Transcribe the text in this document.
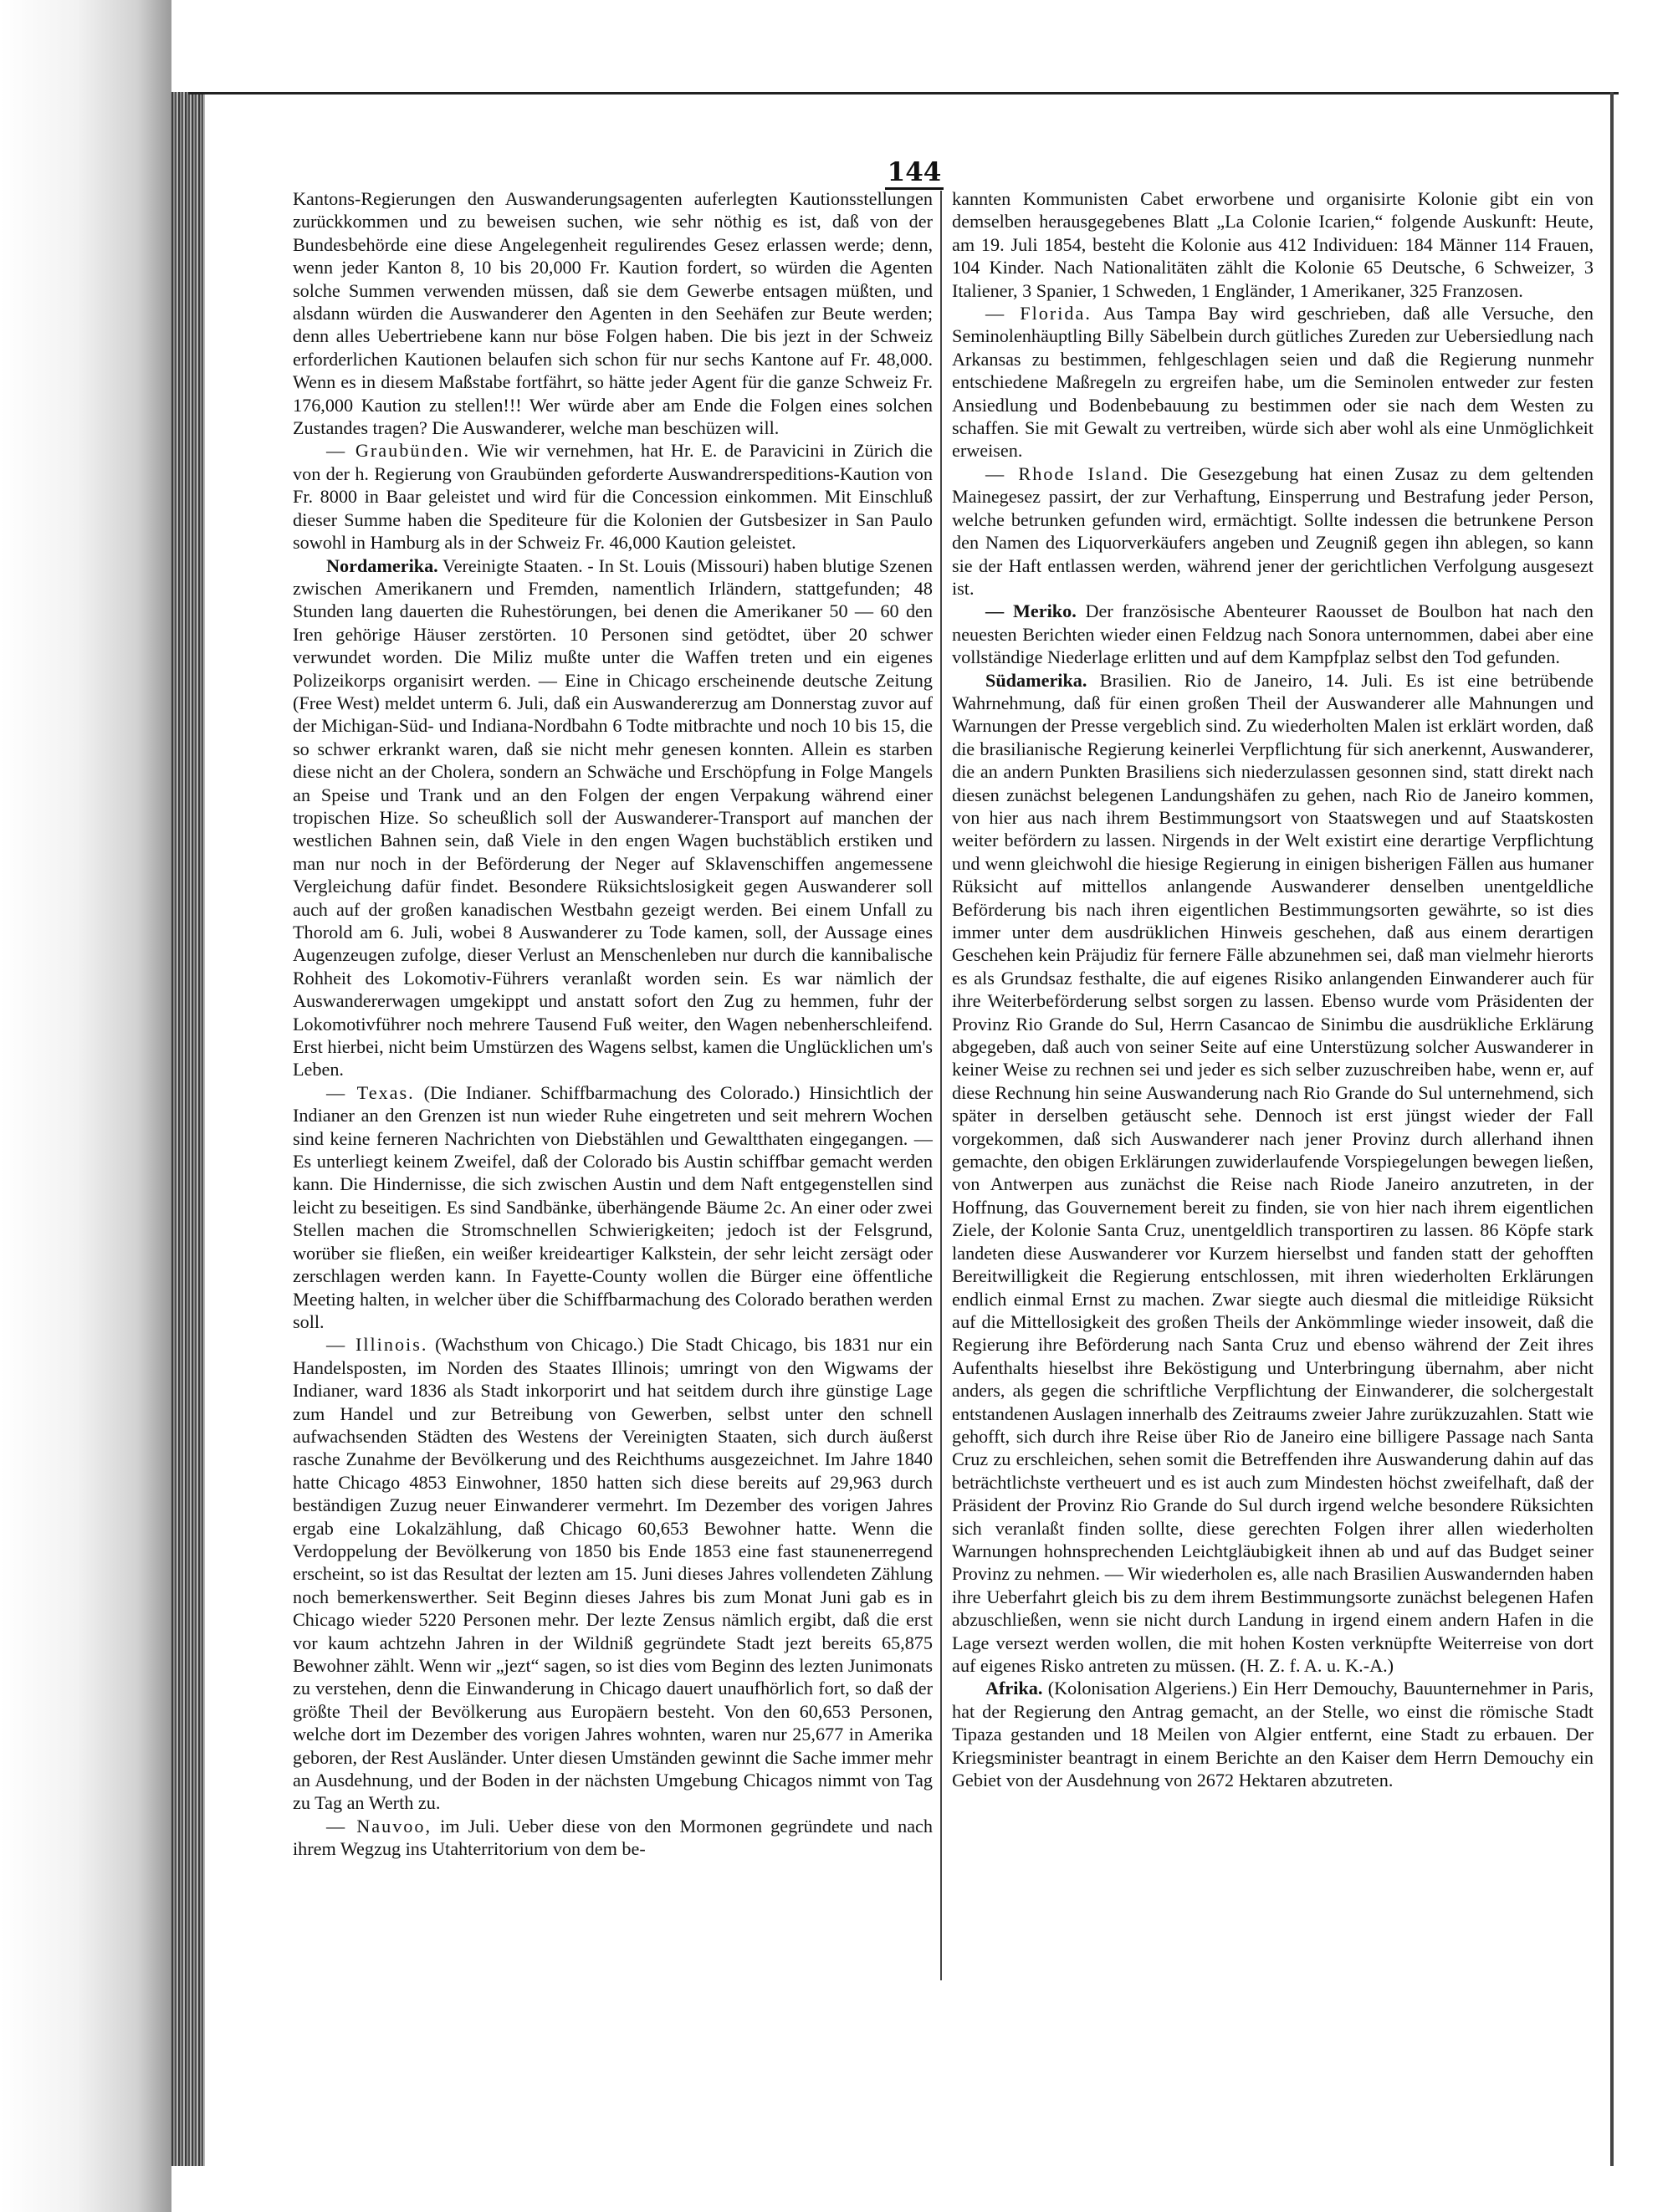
144

Kantons-Regierungen den Auswanderungsagenten auferlegten Kautionsstellungen zurückkommen und zu beweisen suchen, wie sehr nöthig es ist, daß von der Bundesbehörde eine diese Angelegenheit regulirendes Gesez erlassen werde; denn, wenn jeder Kanton 8, 10 bis 20,000 Fr. Kaution fordert, so würden die Agenten solche Summen verwenden müssen, daß sie dem Gewerbe entsagen müßten, und alsdann würden die Auswanderer den Agenten in den Seehäfen zur Beute werden; denn alles Uebertriebene kann nur böse Folgen haben. Die bis jezt in der Schweiz erforderlichen Kautionen belaufen sich schon für nur sechs Kantone auf Fr. 48,000. Wenn es in diesem Maßstabe fortfährt, so hätte jeder Agent für die ganze Schweiz Fr. 176,000 Kaution zu stellen!!! Wer würde aber am Ende die Folgen eines solchen Zustandes tragen? Die Auswanderer, welche man beschüzen will.

— Graubünden. Wie wir vernehmen, hat Hr. E. de Paravicini in Zürich die von der h. Regierung von Graubünden geforderte Auswandrerspeditions-Kaution von Fr. 8000 in Baar geleistet und wird für die Concession einkommen. Mit Einschluß dieser Summe haben die Spediteure für die Kolonien der Gutsbesizer in San Paulo sowohl in Hamburg als in der Schweiz Fr. 46,000 Kaution geleistet.

Nordamerika. Vereinigte Staaten. - In St. Louis (Missouri) haben blutige Szenen zwischen Amerikanern und Fremden, namentlich Irländern, stattgefunden; 48 Stunden lang dauerten die Ruhestörungen, bei denen die Amerikaner 50 — 60 den Iren gehörige Häuser zerstörten. 10 Personen sind getödtet, über 20 schwer verwundet worden. Die Miliz mußte unter die Waffen treten und ein eigenes Polizeikorps organisirt werden. — Eine in Chicago erscheinende deutsche Zeitung (Free West) meldet unterm 6. Juli, daß ein Auswandererzug am Donnerstag zuvor auf der Michigan-Süd- und Indiana-Nordbahn 6 Todte mitbrachte und noch 10 bis 15, die so schwer erkrankt waren, daß sie nicht mehr genesen konnten. Allein es starben diese nicht an der Cholera, sondern an Schwäche und Erschöpfung in Folge Mangels an Speise und Trank und an den Folgen der engen Verpakung während einer tropischen Hize. So scheußlich soll der Auswanderer-Transport auf manchen der westlichen Bahnen sein, daß Viele in den engen Wagen buchstäblich erstiken und man nur noch in der Beförderung der Neger auf Sklavenschiffen angemessene Vergleichung dafür findet. Besondere Rüksichtslosigkeit gegen Auswanderer soll auch auf der großen kanadischen Westbahn gezeigt werden. Bei einem Unfall zu Thorold am 6. Juli, wobei 8 Auswanderer zu Tode kamen, soll, der Aussage eines Augenzeugen zufolge, dieser Verlust an Menschenleben nur durch die kannibalische Rohheit des Lokomotiv-Führers veranlaßt worden sein. Es war nämlich der Auswandererwagen umgekippt und anstatt sofort den Zug zu hemmen, fuhr der Lokomotivführer noch mehrere Tausend Fuß weiter, den Wagen nebenherschleifend. Erst hierbei, nicht beim Umstürzen des Wagens selbst, kamen die Unglücklichen um's Leben.

— Texas. (Die Indianer. Schiffbarmachung des Colorado.) Hinsichtlich der Indianer an den Grenzen ist nun wieder Ruhe eingetreten und seit mehrern Wochen sind keine ferneren Nachrichten von Diebstählen und Gewaltthaten eingegangen. — Es unterliegt keinem Zweifel, daß der Colorado bis Austin schiffbar gemacht werden kann. Die Hindernisse, die sich zwischen Austin und dem Naft entgegenstellen sind leicht zu beseitigen. Es sind Sandbänke, überhängende Bäume 2c. An einer oder zwei Stellen machen die Stromschnellen Schwierigkeiten; jedoch ist der Felsgrund, worüber sie fließen, ein weißer kreideartiger Kalkstein, der sehr leicht zersägt oder zerschlagen werden kann. In Fayette-County wollen die Bürger eine öffentliche Meeting halten, in welcher über die Schiffbarmachung des Colorado berathen werden soll.

— Illinois. (Wachsthum von Chicago.) Die Stadt Chicago, bis 1831 nur ein Handelsposten, im Norden des Staates Illinois; umringt von den Wigwams der Indianer, ward 1836 als Stadt inkorporirt und hat seitdem durch ihre günstige Lage zum Handel und zur Betreibung von Gewerben, selbst unter den schnell aufwachsenden Städten des Westens der Vereinigten Staaten, sich durch äußerst rasche Zunahme der Bevölkerung und des Reichthums ausgezeichnet. Im Jahre 1840 hatte Chicago 4853 Einwohner, 1850 hatten sich diese bereits auf 29,963 durch beständigen Zuzug neuer Einwanderer vermehrt. Im Dezember des vorigen Jahres ergab eine Lokalzählung, daß Chicago 60,653 Bewohner hatte. Wenn die Verdoppelung der Bevölkerung von 1850 bis Ende 1853 eine fast staunenerregend erscheint, so ist das Resultat der lezten am 15. Juni dieses Jahres vollendeten Zählung noch bemerkenswerther. Seit Beginn dieses Jahres bis zum Monat Juni gab es in Chicago wieder 5220 Personen mehr. Der lezte Zensus nämlich ergibt, daß die erst vor kaum achtzehn Jahren in der Wildniß gegründete Stadt jezt bereits 65,875 Bewohner zählt. Wenn wir „jezt“ sagen, so ist dies vom Beginn des lezten Junimonats zu verstehen, denn die Einwanderung in Chicago dauert unaufhörlich fort, so daß der größte Theil der Bevölkerung aus Europäern besteht. Von den 60,653 Personen, welche dort im Dezember des vorigen Jahres wohnten, waren nur 25,677 in Amerika geboren, der Rest Ausländer. Unter diesen Umständen gewinnt die Sache immer mehr an Ausdehnung, und der Boden in der nächsten Umgebung Chicagos nimmt von Tag zu Tag an Werth zu.

— Nauvoo, im Juli. Ueber diese von den Mormonen gegründete und nach ihrem Wegzug ins Utahterritorium von dem be-

kannten Kommunisten Cabet erworbene und organisirte Kolonie gibt ein von demselben herausgegebenes Blatt „La Colonie Icarien,“ folgende Auskunft: Heute, am 19. Juli 1854, besteht die Kolonie aus 412 Individuen: 184 Männer 114 Frauen, 104 Kinder. Nach Nationalitäten zählt die Kolonie 65 Deutsche, 6 Schweizer, 3 Italiener, 3 Spanier, 1 Schweden, 1 Engländer, 1 Amerikaner, 325 Franzosen.

— Florida. Aus Tampa Bay wird geschrieben, daß alle Versuche, den Seminolenhäuptling Billy Säbelbein durch gütliches Zureden zur Uebersiedlung nach Arkansas zu bestimmen, fehlgeschlagen seien und daß die Regierung nunmehr entschiedene Maßregeln zu ergreifen habe, um die Seminolen entweder zur festen Ansiedlung und Bodenbebauung zu bestimmen oder sie nach dem Westen zu schaffen. Sie mit Gewalt zu vertreiben, würde sich aber wohl als eine Unmöglichkeit erweisen.

— Rhode Island. Die Gesezgebung hat einen Zusaz zu dem geltenden Mainegesez passirt, der zur Verhaftung, Einsperrung und Bestrafung jeder Person, welche betrunken gefunden wird, ermächtigt. Sollte indessen die betrunkene Person den Namen des Liquorverkäufers angeben und Zeugniß gegen ihn ablegen, so kann sie der Haft entlassen werden, während jener der gerichtlichen Verfolgung ausgesezt ist.

— Meriko. Der französische Abenteurer Raousset de Boulbon hat nach den neuesten Berichten wieder einen Feldzug nach Sonora unternommen, dabei aber eine vollständige Niederlage erlitten und auf dem Kampfplaz selbst den Tod gefunden.

Südamerika. Brasilien. Rio de Janeiro, 14. Juli. Es ist eine betrübende Wahrnehmung, daß für einen großen Theil der Auswanderer alle Mahnungen und Warnungen der Presse vergeblich sind. Zu wiederholten Malen ist erklärt worden, daß die brasilianische Regierung keinerlei Verpflichtung für sich anerkennt, Auswanderer, die an andern Punkten Brasiliens sich niederzulassen gesonnen sind, statt direkt nach diesen zunächst belegenen Landungshäfen zu gehen, nach Rio de Janeiro kommen, von hier aus nach ihrem Bestimmungsort von Staatswegen und auf Staatskosten weiter befördern zu lassen. Nirgends in der Welt existirt eine derartige Verpflichtung und wenn gleichwohl die hiesige Regierung in einigen bisherigen Fällen aus humaner Rüksicht auf mittellos anlangende Auswanderer denselben unentgeldliche Beförderung bis nach ihren eigentlichen Bestimmungsorten gewährte, so ist dies immer unter dem ausdrüklichen Hinweis geschehen, daß aus einem derartigen Geschehen kein Präjudiz für fernere Fälle abzunehmen sei, daß man vielmehr hierorts es als Grundsaz festhalte, die auf eigenes Risiko anlangenden Einwanderer auch für ihre Weiterbeförderung selbst sorgen zu lassen. Ebenso wurde vom Präsidenten der Provinz Rio Grande do Sul, Herrn Casancao de Sinimbu die ausdrükliche Erklärung abgegeben, daß auch von seiner Seite auf eine Unterstüzung solcher Auswanderer in keiner Weise zu rechnen sei und jeder es sich selber zuzuschreiben habe, wenn er, auf diese Rechnung hin seine Auswanderung nach Rio Grande do Sul unternehmend, sich später in derselben getäuscht sehe. Dennoch ist erst jüngst wieder der Fall vorgekommen, daß sich Auswanderer nach jener Provinz durch allerhand ihnen gemachte, den obigen Erklärungen zuwiderlaufende Vorspiegelungen bewegen ließen, von Antwerpen aus zunächst die Reise nach Riode Janeiro anzutreten, in der Hoffnung, das Gouvernement bereit zu finden, sie von hier nach ihrem eigentlichen Ziele, der Kolonie Santa Cruz, unentgeldlich transportiren zu lassen. 86 Köpfe stark landeten diese Auswanderer vor Kurzem hierselbst und fanden statt der gehofften Bereitwilligkeit die Regierung entschlossen, mit ihren wiederholten Erklärungen endlich einmal Ernst zu machen. Zwar siegte auch diesmal die mitleidige Rüksicht auf die Mittellosigkeit des großen Theils der Ankömmlinge wieder insoweit, daß die Regierung ihre Beförderung nach Santa Cruz und ebenso während der Zeit ihres Aufenthalts hieselbst ihre Beköstigung und Unterbringung übernahm, aber nicht anders, als gegen die schriftliche Verpflichtung der Einwanderer, die solchergestalt entstandenen Auslagen innerhalb des Zeitraums zweier Jahre zurükzuzahlen. Statt wie gehofft, sich durch ihre Reise über Rio de Janeiro eine billigere Passage nach Santa Cruz zu erschleichen, sehen somit die Betreffenden ihre Auswanderung dahin auf das beträchtlichste vertheuert und es ist auch zum Mindesten höchst zweifelhaft, daß der Präsident der Provinz Rio Grande do Sul durch irgend welche besondere Rüksichten sich veranlaßt finden sollte, diese gerechten Folgen ihrer allen wiederholten Warnungen hohnsprechenden Leichtgläubigkeit ihnen ab und auf das Budget seiner Provinz zu nehmen. — Wir wiederholen es, alle nach Brasilien Auswandernden haben ihre Ueberfahrt gleich bis zu dem ihrem Bestimmungsorte zunächst belegenen Hafen abzuschließen, wenn sie nicht durch Landung in irgend einem andern Hafen in die Lage versezt werden wollen, die mit hohen Kosten verknüpfte Weiterreise von dort auf eigenes Risko antreten zu müssen. (H. Z. f. A. u. K.-A.)

Afrika. (Kolonisation Algeriens.) Ein Herr Demouchy, Bauunternehmer in Paris, hat der Regierung den Antrag gemacht, an der Stelle, wo einst die römische Stadt Tipaza gestanden und 18 Meilen von Algier entfernt, eine Stadt zu erbauen. Der Kriegsminister beantragt in einem Berichte an den Kaiser dem Herrn Demouchy ein Gebiet von der Ausdehnung von 2672 Hektaren abzutreten.
